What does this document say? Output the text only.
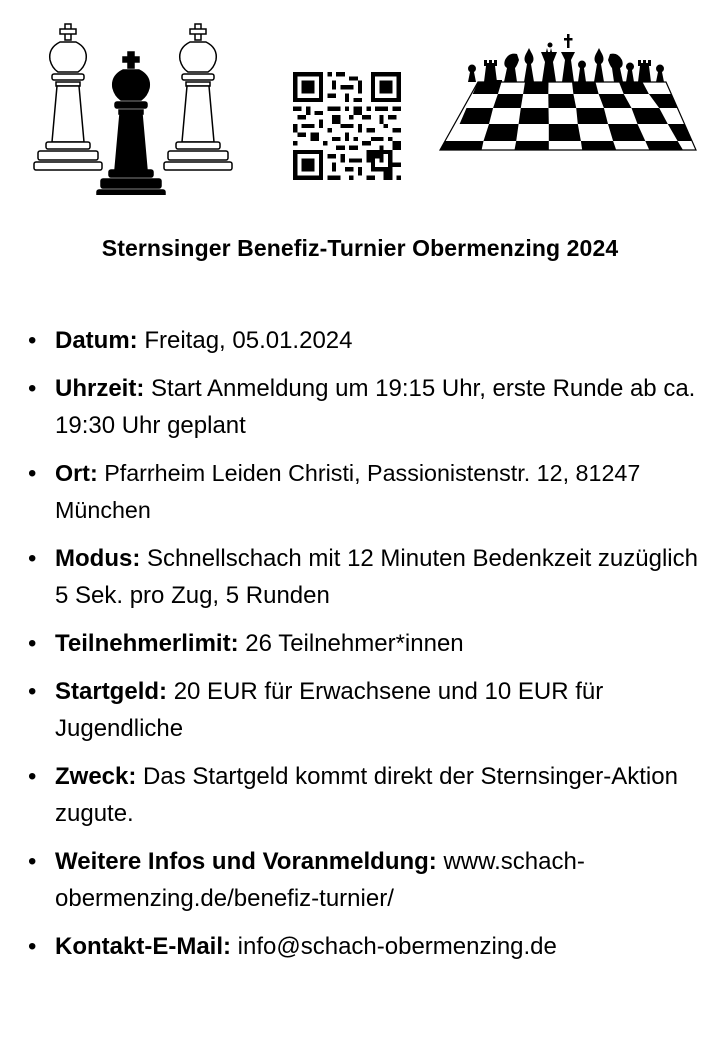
Sternsinger Benefiz-Turnier Obermenzing 2024
• Datum: Freitag, 05.01.2024
• Uhrzeit: Start Anmeldung um 19:15 Uhr, erste Runde ab ca. 19:30 Uhr geplant
• Ort: Pfarrheim Leiden Christi, Passionistenstr. 12, 81247 München
• Modus: Schnellschach mit 12 Minuten Bedenkzeit zuzüglich 5 Sek. pro Zug, 5 Runden
• Teilnehmerlimit: 26 Teilnehmer*innen
• Startgeld: 20 EUR für Erwachsene und 10 EUR für Jugendliche
• Zweck: Das Startgeld kommt direkt der Sternsinger-Aktion zugute.
• Weitere Infos und Voranmeldung: www.schach-obermenzing.de/benefiz-turnier/
• Kontakt-E-Mail: info@schach-obermenzing.de
